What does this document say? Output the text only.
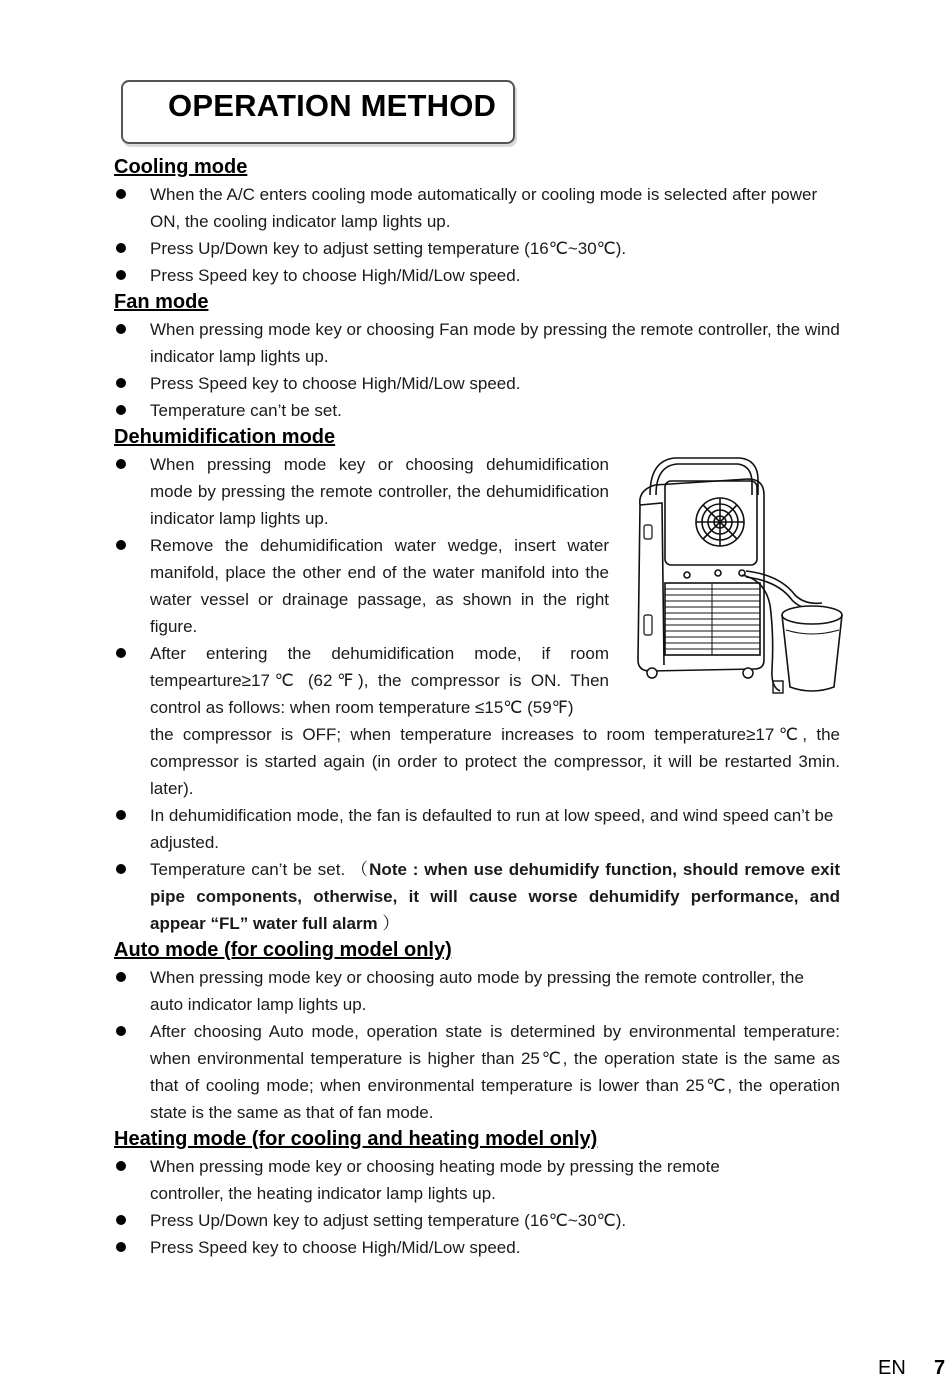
OPERATION METHOD
Cooling mode
When the A/C enters cooling mode automatically or cooling mode is selected after power ON, the cooling indicator lamp lights up.
Press Up/Down key to adjust setting temperature (16℃~30℃).
Press Speed key to choose High/Mid/Low speed.
Fan mode
When pressing mode key or choosing Fan mode by pressing the remote controller, the wind indicator lamp lights up.
Press Speed key to choose High/Mid/Low speed.
Temperature can’t be set.
Dehumidification mode
When pressing mode key or choosing dehumidification mode by pressing the remote controller, the dehumidification indicator lamp lights up.
Remove the dehumidification water wedge, insert water manifold, place the other end of the water manifold into the water vessel or drainage passage, as shown in the right figure.
After entering the dehumidification mode, if room tempearture≥17℃ (62℉), the compressor is ON. Then control as follows: when room temperature ≤15℃ (59℉)
the compressor is OFF; when temperature increases to room temperature≥17℃, the compressor is started again (in order to protect the compressor, it will be restarted 3min. later).
In dehumidification mode, the fan is defaulted to run at low speed, and wind speed can’t be adjusted.
Temperature can’t be set. （Note : when use dehumidify function, should remove exit pipe components, otherwise, it will cause worse dehumidify performance, and appear “FL” water full alarm ）
Auto mode (for cooling model only)
When pressing mode key or choosing auto mode by pressing the remote controller, the auto indicator lamp lights up.
After choosing Auto mode, operation state is determined by environmental temperature: when environmental temperature is higher than 25℃, the operation state is the same as that of cooling mode; when environmental temperature is lower than 25℃, the operation state is the same as that of fan mode.
Heating mode (for cooling and heating model only)
When pressing mode key or choosing heating mode by pressing the remote controller, the heating indicator lamp lights up.
Press Up/Down key to adjust setting temperature (16℃~30℃).
Press Speed key to choose High/Mid/Low speed.
EN 7
